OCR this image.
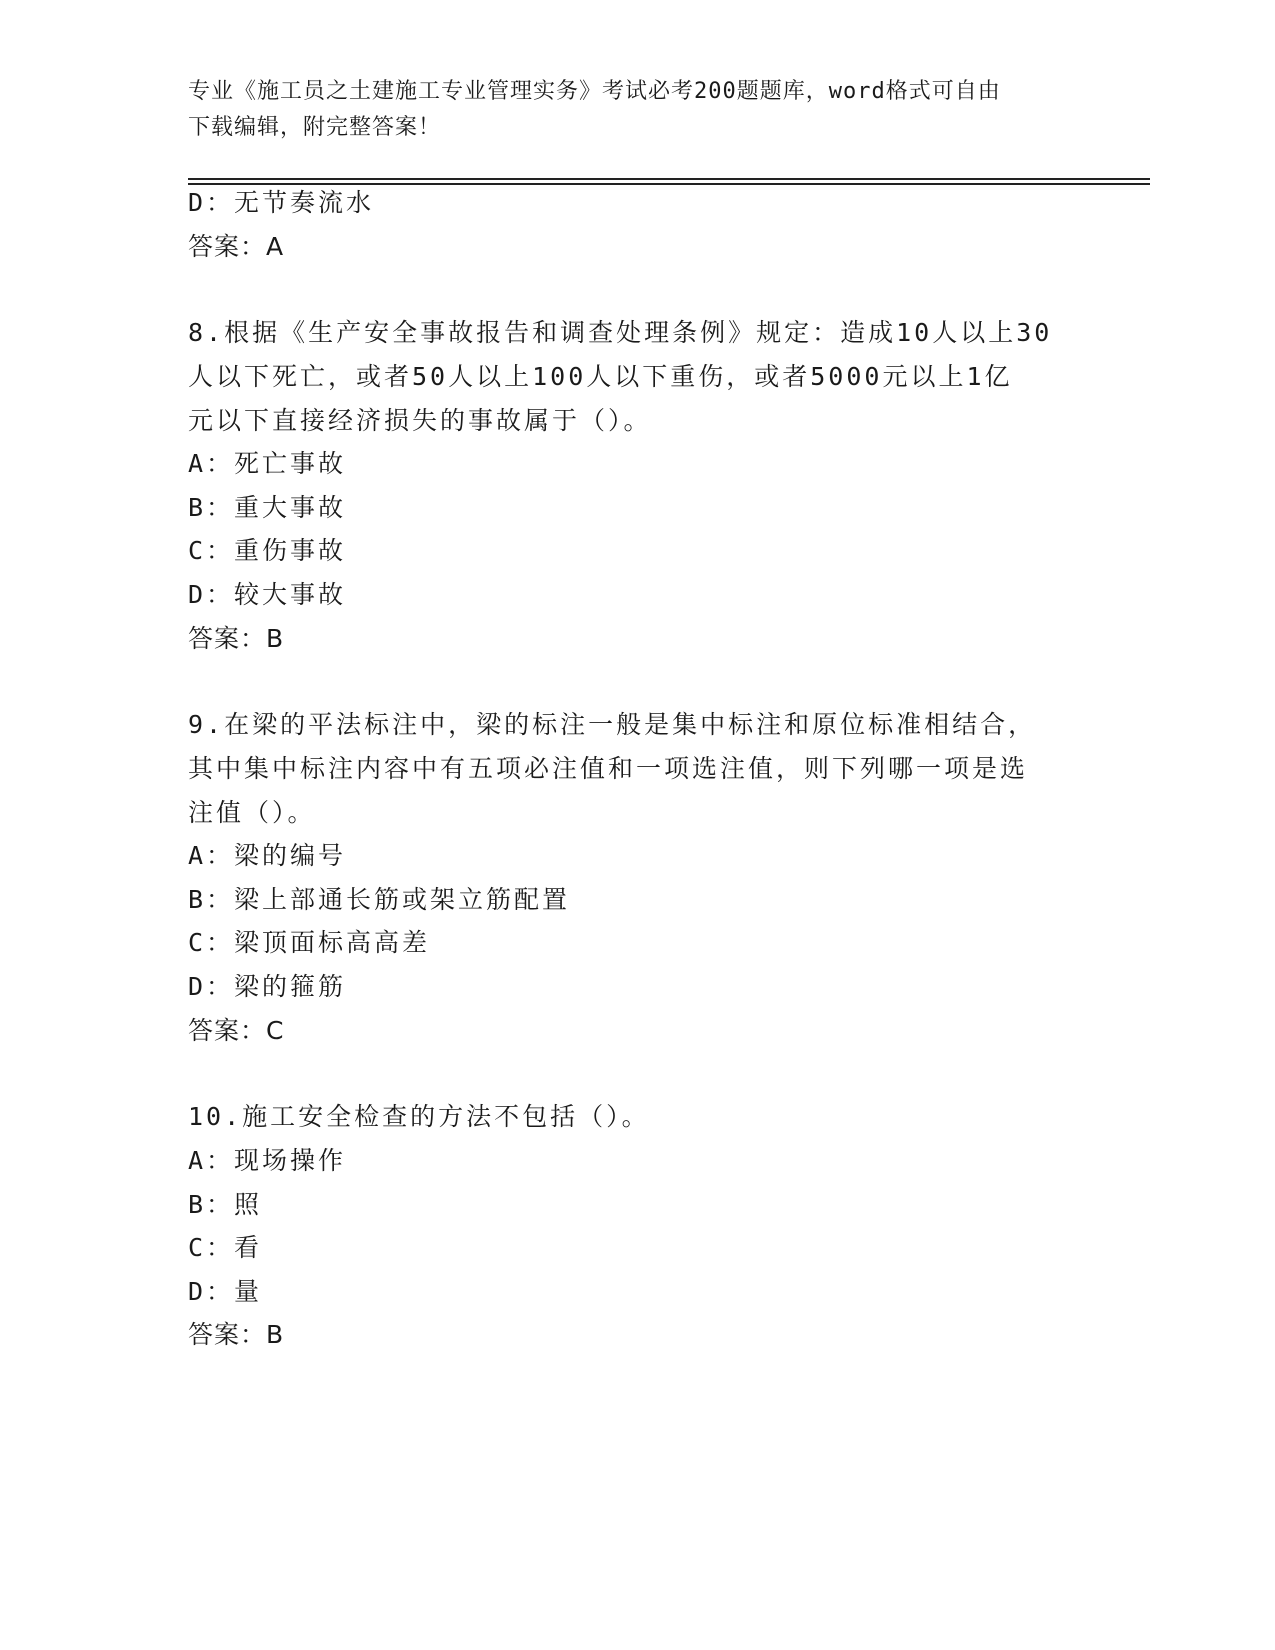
专业《施工员之土建施工专业管理实务》考试必考200题题库，word格式可自由
下载编辑，附完整答案！
D：无节奏流水
答案：A
8.根据《生产安全事故报告和调查处理条例》规定：造成10人以上30
人以下死亡，或者50人以上100人以下重伤，或者5000元以上1亿
元以下直接经济损失的事故属于（）。
A：死亡事故
B：重大事故
C：重伤事故
D：较大事故
答案：B
9.在梁的平法标注中，梁的标注一般是集中标注和原位标准相结合，
其中集中标注内容中有五项必注值和一项选注值，则下列哪一项是选
注值（）。
A：梁的编号
B：梁上部通长筋或架立筋配置
C：梁顶面标高高差
D：梁的箍筋
答案：C
10.施工安全检查的方法不包括（）。
A：现场操作
B：照
C：看
D：量
答案：B
